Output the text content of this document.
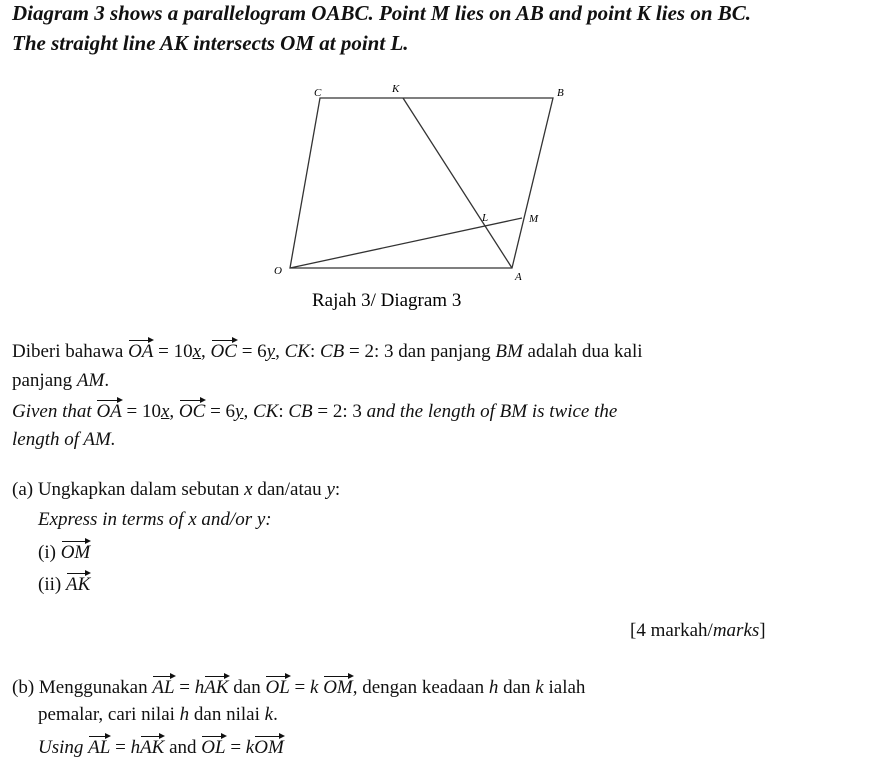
Diagram 3 shows a parallelogram OABC. Point M lies on AB and point K lies on BC.
The straight line AK intersects OM at point L.
O	A
B
C	K
L	M
Rajah 3/ Diagram 3
Diberi bahawa OA = 10x, OC = 6y, CK: CB = 2: 3 dan panjang BM adalah dua kali
panjang AM.
Given that OA = 10x, OC = 6y, CK: CB = 2: 3 and the length of BM is twice the
length of AM.
(a) Ungkapkan dalam sebutan x dan/atau y:
Express in terms of x and/or y:
(i) OM
(ii) AK
[4 markah/marks]
(b) Menggunakan AL = hAK dan OL = k OM, dengan keadaan h dan k ialah
pemalar, cari nilai h dan nilai k.
Using AL = hAK and OL = kOM
